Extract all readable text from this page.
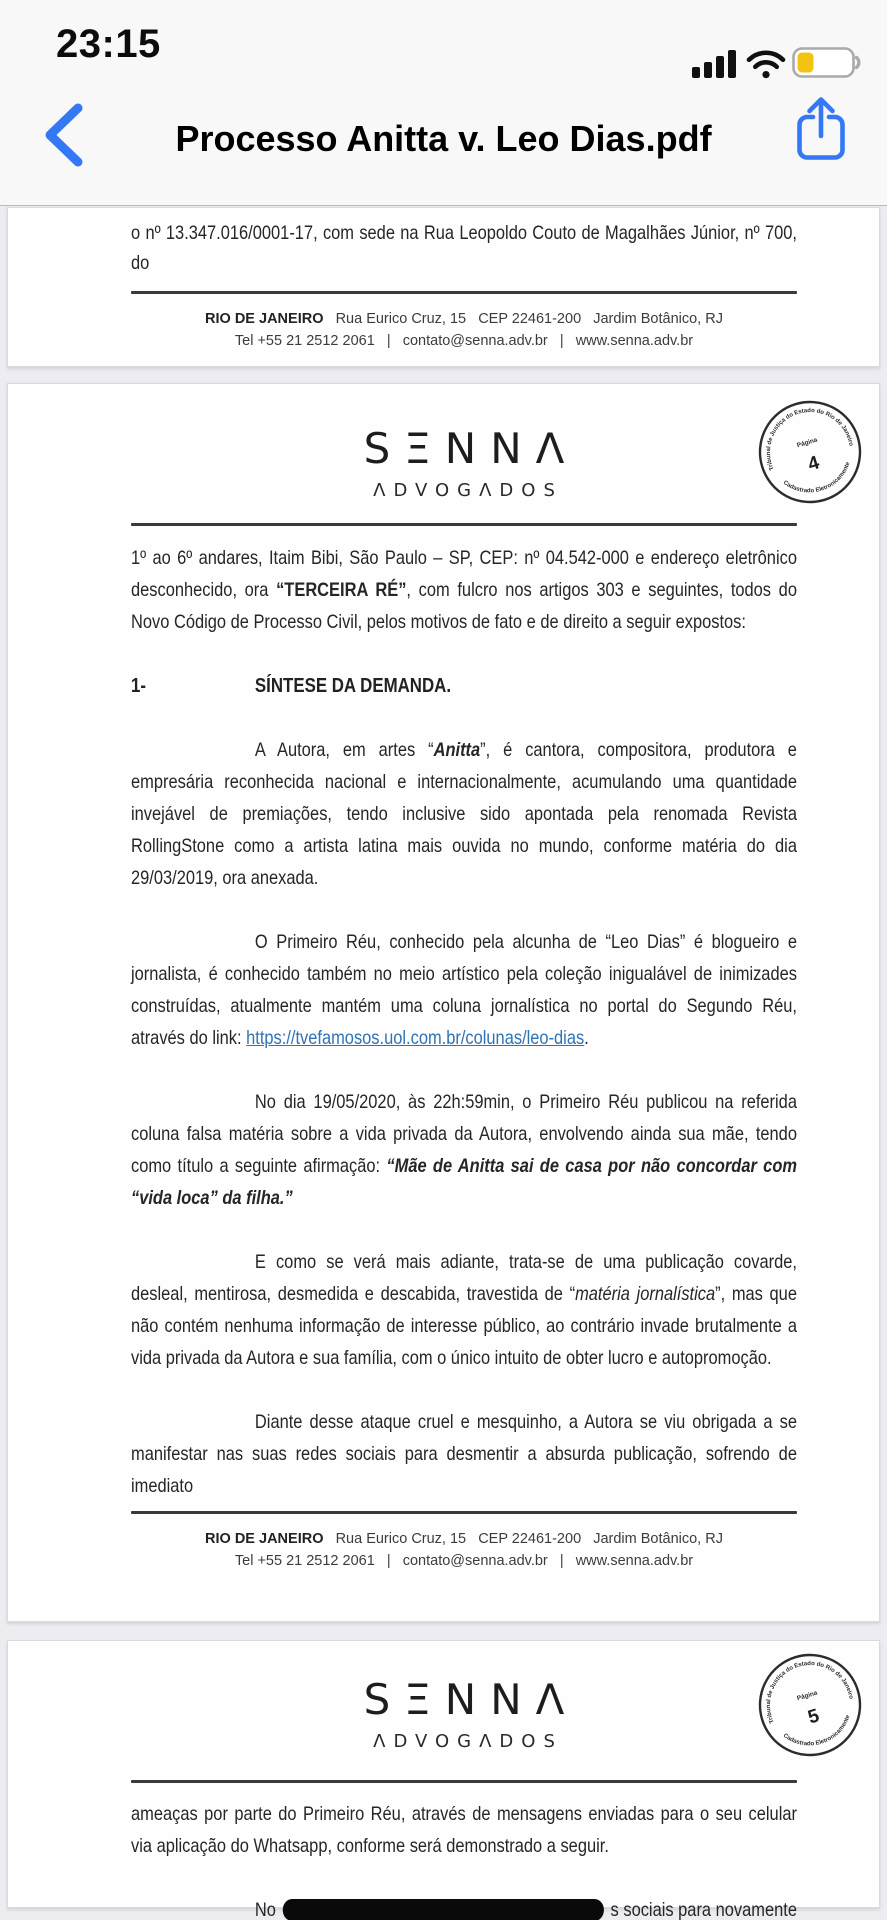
23:15
Processo Anitta v. Leo Dias.pdf
o nº 13.347.016/0001-17, com sede na Rua Leopoldo Couto de Magalhães Júnior, nº 700, do
RIO DE JANEIRO Rua Eurico Cruz, 15   CEP 22461-200   Jardim Botânico, RJ
Tel +55 21 2512 2061   |   contato@senna.adv.br   |   www.senna.adv.br
SΞNNΛ
ΛDVOGΛDOS
Tribunal de Justiça do Estado do Rio de Janeiro
Página
4
Cadastrado Eletronicamente
1º ao 6º andares, Itaim Bibi, São Paulo – SP, CEP: nº 04.542-000 e endereço eletrônico desconhecido, ora “TERCEIRA RÉ”, com fulcro nos artigos 303 e seguintes, todos do Novo Código de Processo Civil, pelos motivos de fato e de direito a seguir expostos:
1-	SÍNTESE DA DEMANDA.
A Autora, em artes “Anitta”, é cantora, compositora, produtora e empresária reconhecida nacional e internacionalmente, acumulando uma quantidade invejável de premiações, tendo inclusive sido apontada pela renomada Revista RollingStone como a artista latina mais ouvida no mundo, conforme matéria do dia 29/03/2019, ora anexada.
O Primeiro Réu, conhecido pela alcunha de “Leo Dias” é blogueiro e jornalista, é conhecido também no meio artístico pela coleção inigualável de inimizades construídas, atualmente mantém uma coluna jornalística no portal do Segundo Réu, através do link: https://tvefamosos.uol.com.br/colunas/leo-dias.
No dia 19/05/2020, às 22h:59min, o Primeiro Réu publicou na referida coluna falsa matéria sobre a vida privada da Autora, envolvendo ainda sua mãe, tendo como título a seguinte afirmação: “Mãe de Anitta sai de casa por não concordar com “vida loca” da filha.”
E como se verá mais adiante, trata-se de uma publicação covarde, desleal, mentirosa, desmedida e descabida, travestida de “matéria jornalística”, mas que não contém nenhuma informação de interesse público, ao contrário invade brutalmente a vida privada da Autora e sua família, com o único intuito de obter lucro e autopromoção.
Diante desse ataque cruel e mesquinho, a Autora se viu obrigada a se manifestar nas suas redes sociais para desmentir a absurda publicação, sofrendo de imediato
RIO DE JANEIRO Rua Eurico Cruz, 15   CEP 22461-200   Jardim Botânico, RJ
Tel +55 21 2512 2061   |   contato@senna.adv.br   |   www.senna.adv.br
SΞNNΛ
ΛDVOGΛDOS
Tribunal de Justiça do Estado do Rio de Janeiro
Página
5
Cadastrado Eletronicamente
ameaças por parte do Primeiro Réu, através de mensagens enviadas para o seu celular via aplicação do Whatsapp, conforme será demonstrado a seguir.
No	s sociais para novamente
